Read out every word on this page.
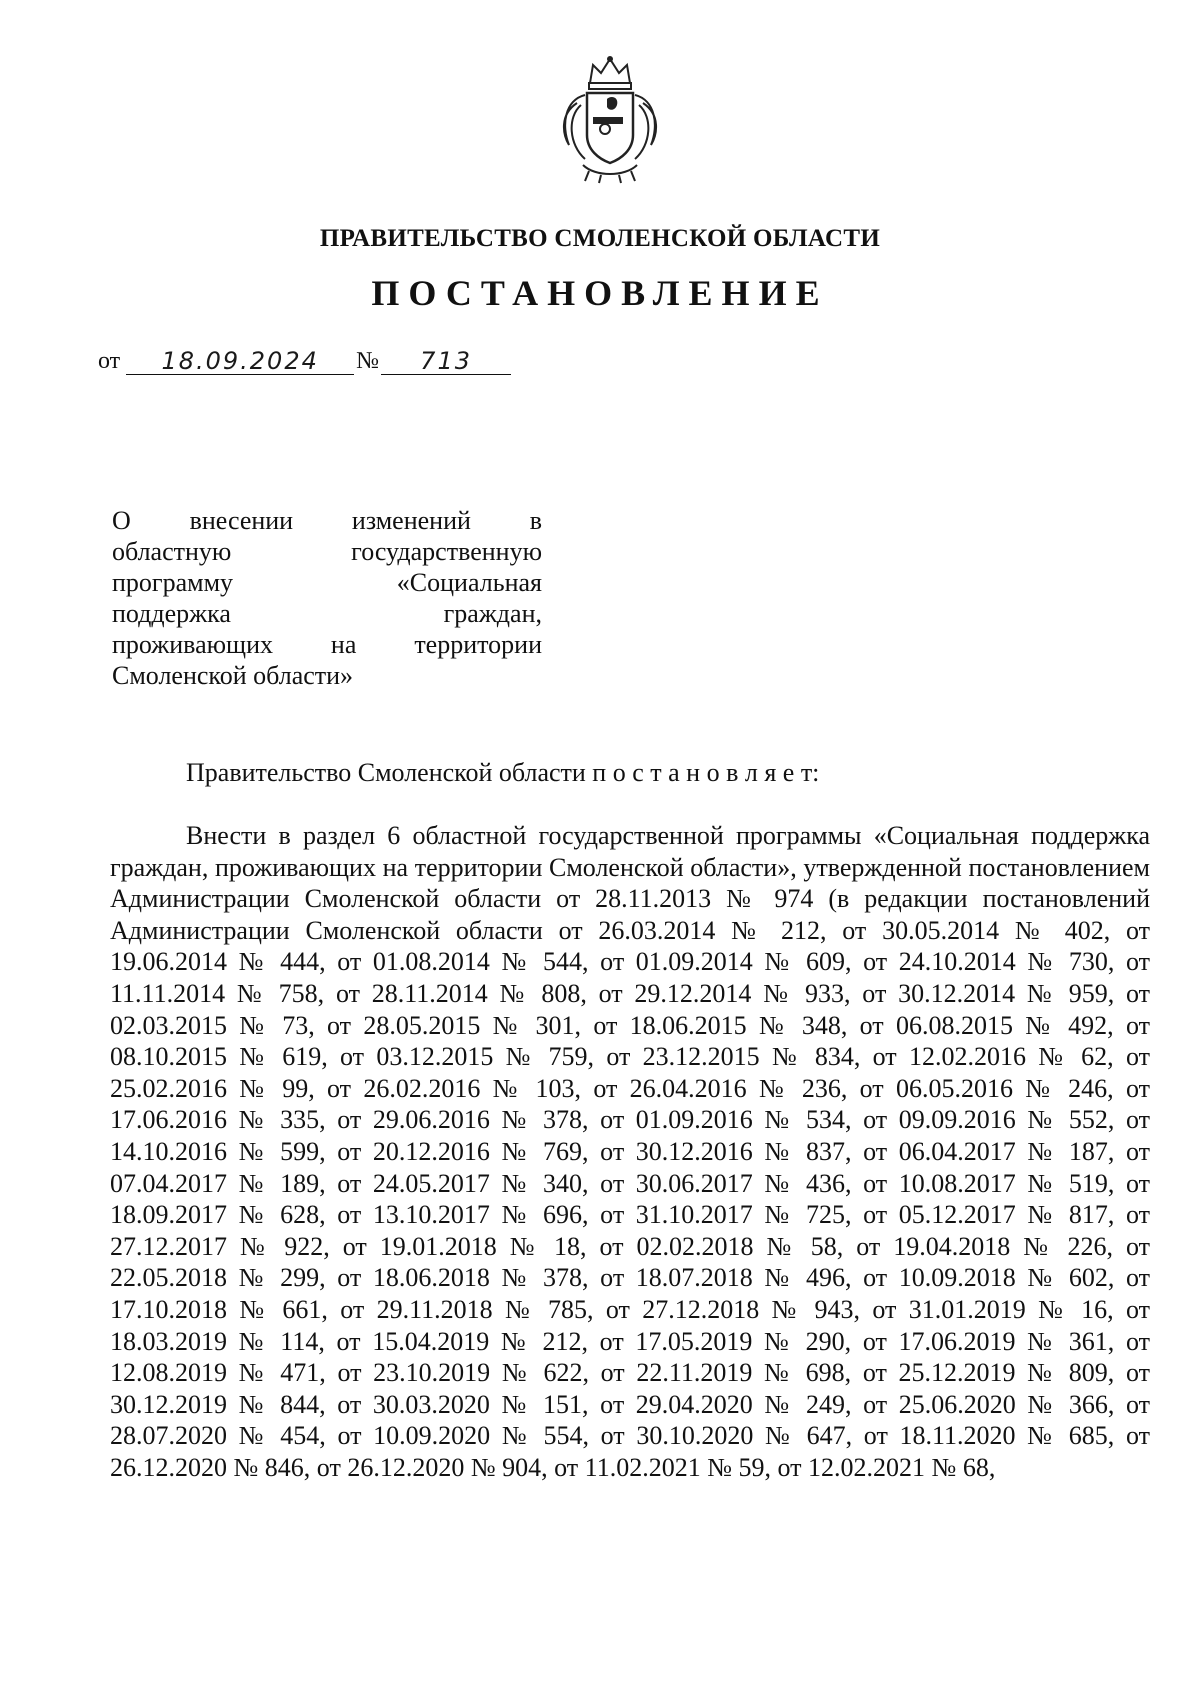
ПРАВИТЕЛЬСТВО СМОЛЕНСКОЙ ОБЛАСТИ
ПОСТАНОВЛЕНИЕ
от	18.09.2024	№	713
О внесении изменений в
областную государственную
программу «Социальная
поддержка граждан,
проживающих на территории
Смоленской области»
Правительство Смоленской области п о с т а н о в л я е т:
Внести в раздел 6 областной государственной программы «Социальная поддержка граждан, проживающих на территории Смоленской области», утвержденной постановлением Администрации Смоленской области от 28.11.2013 № 974 (в редакции постановлений Администрации Смоленской области от 26.03.2014 № 212, от 30.05.2014 № 402, от 19.06.2014 № 444, от 01.08.2014 № 544, от 01.09.2014 № 609, от 24.10.2014 № 730, от 11.11.2014 № 758, от 28.11.2014 № 808, от 29.12.2014 № 933, от 30.12.2014 № 959, от 02.03.2015 № 73, от 28.05.2015 № 301, от 18.06.2015 № 348, от 06.08.2015 № 492, от 08.10.2015 № 619, от 03.12.2015 № 759, от 23.12.2015 № 834, от 12.02.2016 № 62, от 25.02.2016 № 99, от 26.02.2016 № 103, от 26.04.2016 № 236, от 06.05.2016 № 246, от 17.06.2016 № 335, от 29.06.2016 № 378, от 01.09.2016 № 534, от 09.09.2016 № 552, от 14.10.2016 № 599, от 20.12.2016 № 769, от 30.12.2016 № 837, от 06.04.2017 № 187, от 07.04.2017 № 189, от 24.05.2017 № 340, от 30.06.2017 № 436, от 10.08.2017 № 519, от 18.09.2017 № 628, от 13.10.2017 № 696, от 31.10.2017 № 725, от 05.12.2017 № 817, от 27.12.2017 № 922, от 19.01.2018 № 18, от 02.02.2018 № 58, от 19.04.2018 № 226, от 22.05.2018 № 299, от 18.06.2018 № 378, от 18.07.2018 № 496, от 10.09.2018 № 602, от 17.10.2018 № 661, от 29.11.2018 № 785, от 27.12.2018 № 943, от 31.01.2019 № 16, от 18.03.2019 № 114, от 15.04.2019 № 212, от 17.05.2019 № 290, от 17.06.2019 № 361, от 12.08.2019 № 471, от 23.10.2019 № 622, от 22.11.2019 № 698, от 25.12.2019 № 809, от 30.12.2019 № 844, от 30.03.2020 № 151, от 29.04.2020 № 249, от 25.06.2020 № 366, от 28.07.2020 № 454, от 10.09.2020 № 554, от 30.10.2020 № 647, от 18.11.2020 № 685, от 26.12.2020 № 846, от 26.12.2020 № 904, от 11.02.2021 № 59, от 12.02.2021 № 68,
